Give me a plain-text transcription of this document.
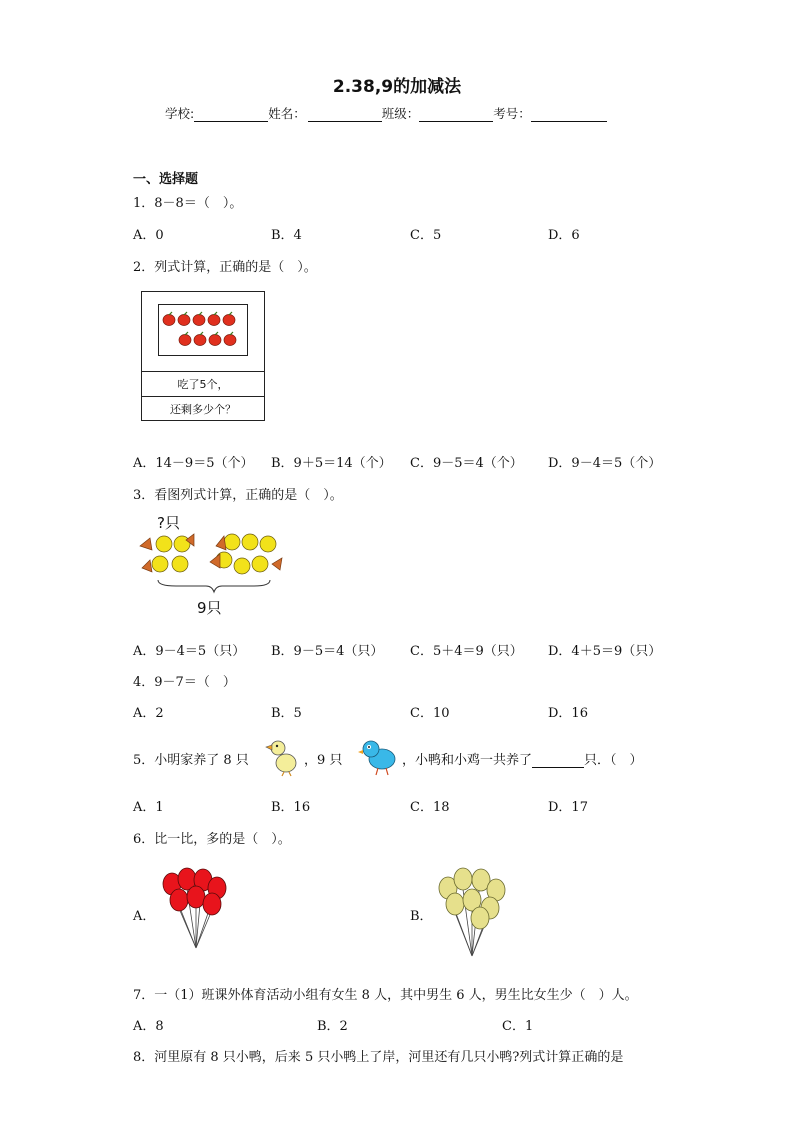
2.38,9的加减法
学校:	姓名：	班级：	考号：
一、选择题
1．8－8＝（　）。
A．0	B．4	C．5	D．6
2．列式计算，正确的是（　）。
吃了5个，
还剩多少个？
A．14－9＝5（个） B．9＋5＝14（个） C．9－5＝4（个） D．9－4＝5（个）
3．看图列式计算，正确的是（　）。
?只
9只
A．9－4＝5（只） B．9－5＝4（只） C．5＋4＝9（只） D．4＋5＝9（只）
4．9－7＝（　）
A．2	B．5	C．10	D．16
5．小明家养了 8 只	，9 只	，小鸭和小鸡一共养了	只．（　）
A．1	B．16	C．18	D．17
6．比一比，多的是（　）。
A．	B．
7．一（1）班课外体育活动小组有女生 8 人，其中男生 6 人，男生比女生少（　）人。
A．8	B．2	C．1
8．河里原有 8 只小鸭，后来 5 只小鸭上了岸，河里还有几只小鸭?列式计算正确的是
